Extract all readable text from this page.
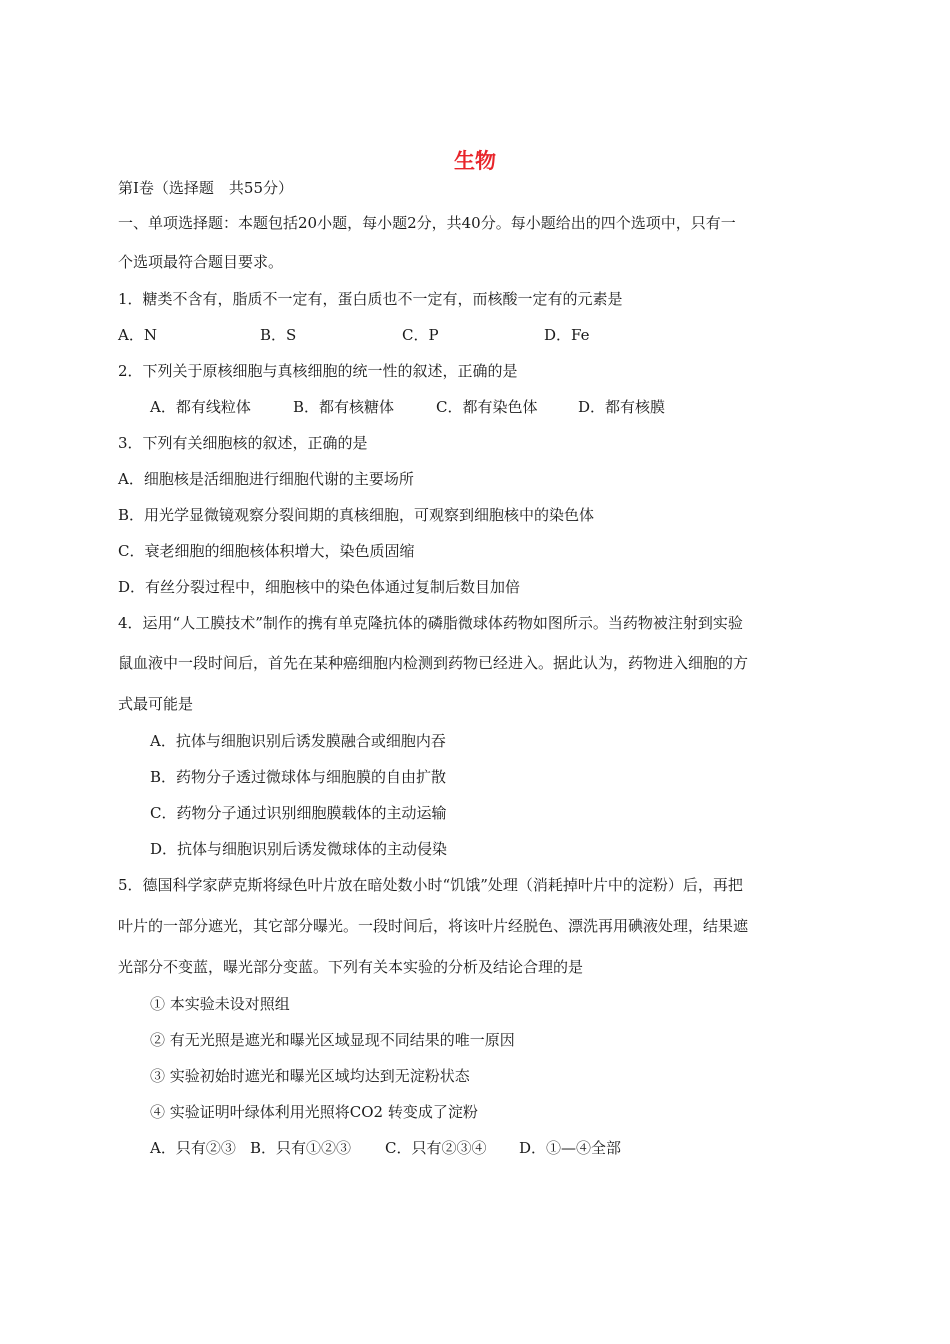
生物
第Ⅰ卷（选择题　共55分）
一、单项选择题：本题包括20小题，每小题2分，共40分。每小题给出的四个选项中，只有一
个选项最符合题目要求。
1．糖类不含有，脂质不一定有，蛋白质也不一定有，而核酸一定有的元素是
A．N	B．S	C．P	D．Fe
2．下列关于原核细胞与真核细胞的统一性的叙述，正确的是
A．都有线粒体	B．都有核糖体	C．都有染色体	D．都有核膜
3．下列有关细胞核的叙述，正确的是
A．细胞核是活细胞进行细胞代谢的主要场所
B．用光学显微镜观察分裂间期的真核细胞，可观察到细胞核中的染色体
C．衰老细胞的细胞核体积增大，染色质固缩
D．有丝分裂过程中，细胞核中的染色体通过复制后数目加倍
4．运用“人工膜技术”制作的携有单克隆抗体的磷脂微球体药物如图所示。当药物被注射到实验
鼠血液中一段时间后，首先在某种癌细胞内检测到药物已经进入。据此认为，药物进入细胞的方
式最可能是
A．抗体与细胞识别后诱发膜融合或细胞内吞
B．药物分子透过微球体与细胞膜的自由扩散
C．药物分子通过识别细胞膜载体的主动运输
D．抗体与细胞识别后诱发微球体的主动侵染
5．德国科学家萨克斯将绿色叶片放在暗处数小时“饥饿”处理（消耗掉叶片中的淀粉）后，再把
叶片的一部分遮光，其它部分曝光。一段时间后，将该叶片经脱色、漂洗再用碘液处理，结果遮
光部分不变蓝，曝光部分变蓝。下列有关本实验的分析及结论合理的是
① 本实验未设对照组
② 有无光照是遮光和曝光区域显现不同结果的唯一原因
③ 实验初始时遮光和曝光区域均达到无淀粉状态
④ 实验证明叶绿体利用光照将CO2 转变成了淀粉
A．只有②③ B．只有①②③ C．只有②③④ D．①—④全部
